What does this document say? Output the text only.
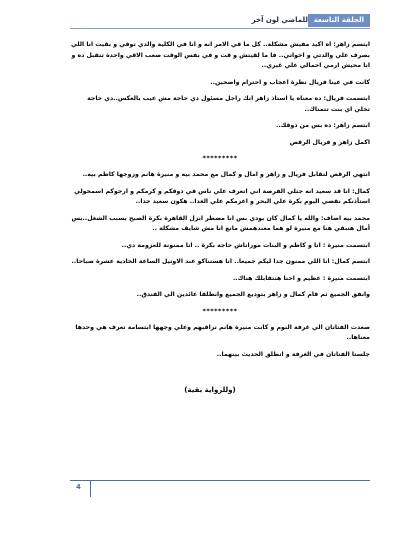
الحلقة التاسعة
للماضي لون آخر

ابتسم زاهر: اه اكيد مفيش مشكلة.. كل ما في الامر انه و انا في الكلية والدي توفي و بقيت انا اللي بصرف علي والدتي و اخواتي.. فا ما لقيتش و قت و في نفس الوقت صعب الاقي واحدة تتقبل ده و انا محيش ارمي احمالي علي غيري..

كانت في عينا فريال نظرة اعجاب و احترام واضحين..

ابتسمت فريال: ده معناه يا استاذ زاهر انك راجل مسئول دي حاجة مش عيب بالعكس..دي حاجة تخلي اي بنت تتمناك..

ابتسم زاهر: ده بس من ذوقك..

اكمل زاهر و فريال الرقص

*********

انتهي الرقص لتقابل فريال و زاهر و امال و كمال مع محمد بيه و منيرة هانم وزوجها كاظم بيه..

كمال: انا قد سعيد انه جتلي الفرصة اني اتعرف علي ناس في ذوقكم و كرمكم و ارجوكم اسمحولي استأذنكم نقضي اليوم بكرة علي البحر و اعزمكم علي الغدا.. هكون سعيد جدا..

محمد بيه اضاف: والله يا كمال كان بودي بس انا مضطر انزل القاهرة بكرة الصبح بسبب الشغل..بس أمال هتبقي هنا مع منيرة لو هما معندهمش مانع انا مش شايف مشكلة ..

ابتسمت منيرة : انا و كاظم و البنات موراناش حاجة بكرة .. انا ممنونة للعزومة دي..

ابتسم كمال: انا اللي ممنون جدا ليكم جميعا.. انا هستناكو عند الاوتيل الساعة الحادية عشرة صباحا..

ابتسمت منيرة : عظيم و احنا هنتقابلك هناك..

وانفق الجميع ثم قام كمال و زاهر بتوديع الجميع وانطلقا عائدين الي الفندق..

*********

صعدت الفتاتان الي غرفة النوم و كانت منيرة هانم تراقبهم وعلي وجهها ابتسامة تعرف هي وحدها معناها..

جلستا الفتاتان في الغرفة و انطلق الحديث بينهما..

(وللرواية بقية)
4
